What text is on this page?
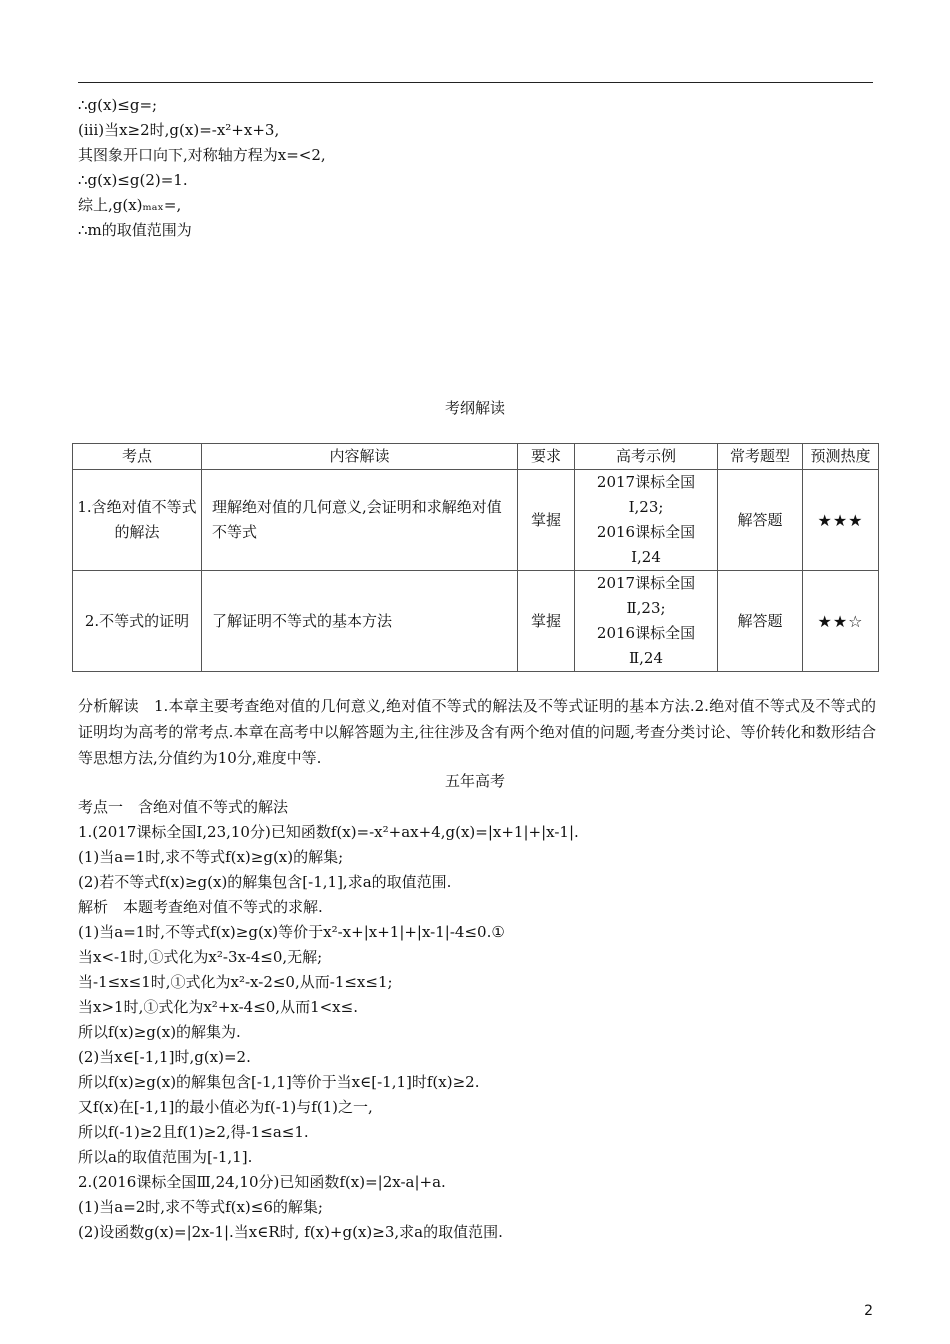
∴g(x)≤g=;
(iii)当x≥2时,g(x)=-x²+x+3,
其图象开口向下,对称轴方程为x=<2,
∴g(x)≤g(2)=1.
综上,g(x)ₘₐₓ=,
∴m的取值范围为
考纲解读
考点	内容解读	要求	高考示例	常考题型	预测热度
1.含绝对值不等式的解法	理解绝对值的几何意义,会证明和求解绝对值不等式	掌握	2017课标全国
Ⅰ,23;
2016课标全国
Ⅰ,24	解答题	★★★
2.不等式的证明	了解证明不等式的基本方法	掌握	2017课标全国
Ⅱ,23;
2016课标全国
Ⅱ,24	解答题	★★☆
分析解读　1.本章主要考查绝对值的几何意义,绝对值不等式的解法及不等式证明的基本方法.2.绝对值不等式及不等式的证明均为高考的常考点.本章在高考中以解答题为主,往往涉及含有两个绝对值的问题,考查分类讨论、等价转化和数形结合等思想方法,分值约为10分,难度中等.
五年高考
考点一　含绝对值不等式的解法
1.(2017课标全国Ⅰ,23,10分)已知函数f(x)=-x²+ax+4,g(x)=|x+1|+|x-1|.
(1)当a=1时,求不等式f(x)≥g(x)的解集;
(2)若不等式f(x)≥g(x)的解集包含[-1,1],求a的取值范围.
解析　本题考查绝对值不等式的求解.
(1)当a=1时,不等式f(x)≥g(x)等价于x²-x+|x+1|+|x-1|-4≤0.①
当x<-1时,①式化为x²-3x-4≤0,无解;
当-1≤x≤1时,①式化为x²-x-2≤0,从而-1≤x≤1;
当x>1时,①式化为x²+x-4≤0,从而1<x≤.
所以f(x)≥g(x)的解集为.
(2)当x∈[-1,1]时,g(x)=2.
所以f(x)≥g(x)的解集包含[-1,1]等价于当x∈[-1,1]时f(x)≥2.
又f(x)在[-1,1]的最小值必为f(-1)与f(1)之一,
所以f(-1)≥2且f(1)≥2,得-1≤a≤1.
所以a的取值范围为[-1,1].
2.(2016课标全国Ⅲ,24,10分)已知函数f(x)=|2x-a|+a.
(1)当a=2时,求不等式f(x)≤6的解集;
(2)设函数g(x)=|2x-1|.当x∈R时, f(x)+g(x)≥3,求a的取值范围.
2
